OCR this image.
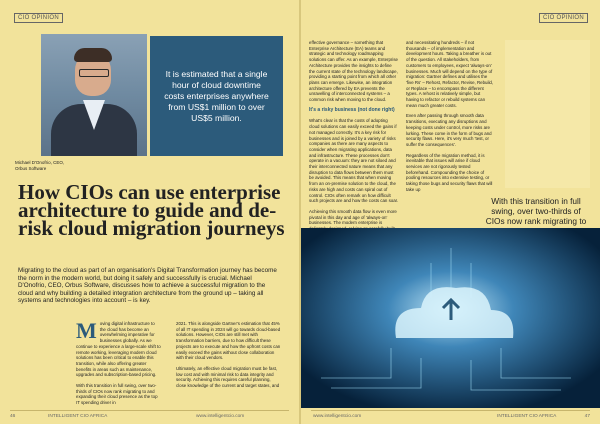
CIO OPINION
Michael D'Onofrio, CEO, Orbus Software
It is estimated that a single hour of cloud downtime costs enterprises anywhere from US$1 million to over US$5 million.
How CIOs can use enterprise architecture to guide and de-risk cloud migration journeys

Migrating to the cloud as part of an organisation's Digital Transformation journey has become the norm in the modern world, but doing it safely and successfully is crucial. Michael D'Onofrio, CEO, Orbus Software, discusses how to achieve a successful migration to the cloud and why building a detailed integration architecture from the ground up – taking all systems and technologies into account – is key.

Moving digital infrastructure to the cloud has become an overwhelming imperative for businesses globally. As we continue to experience a large-scale shift to remote working, leveraging modern cloud solutions has been critical to enable this transition, while also offering greater benefits in areas such as maintenance, upgrades and subscription-based pricing.

With this transition in full swing, over two-thirds of CIOs now rank migrating to and expanding their cloud presence as the top IT spending driver in

2021. This is alongside Gartner's estimation that 45% of all IT spending in 2024 will go towards cloud-based solutions. However, CIOs are still met with transformation barriers, due to how difficult these projects are to execute and how the upfront costs can easily exceed the gains without close collaboration with their cloud vendors.

Ultimately, an effective cloud migration must be fast, low cost and with minimal risk to data integrity and security. Achieving this requires careful planning, close knowledge of the current and target states, and

46	INTELLIGENT CIO AFRICA	www.intelligentcio.com
CIO OPINION

effective governance – something that Enterprise Architecture (EA) teams and strategic and technology roadmapping solutions can offer. As an example, Enterprise Architecture provides the insights to define the current state of the technology landscape, providing a starting point from which all other plans can emerge. Likewise, an integration architecture offered by EA prevents the unravelling of interconnected systems – a common risk when moving to the cloud.

It's a risky business (not done right)

What's clear is that the costs of adopting cloud solutions can easily exceed the gains if not managed correctly. It's a key risk for businesses and is joined by a variety of risks companies as there are many aspects to consider when migrating applications, data and infrastructure. These processes don't operate in a vacuum: they are not siloed and their interconnected nature means that any disruption to data flows between them must be avoided. This means that when moving from an on-premise solution to the cloud, the risks are high and costs can spiral out of control. CIOs often remark on how difficult such projects are and how the costs can soar.

Achieving this smooth data flow is even more pivotal in this day and age of 'always-on' businesses. The modern enterprise is

and necessitating hundreds – if not thousands – of implementation and development hours. Taking a breather is out of the question. All stakeholders, from customers to employees, expect 'always-on' businesses. Much will depend on the type of migration: Gartner defines and utilises the 'five Rs' – Rehost, Refactor, Revise, Rebuild, or Replace – to encompass the different types. A rehost is relatively simple, but having to refactor or rebuild systems can mean much greater costs.

Even after passing through smooth data transitions, executing any disruptions and keeping costs under control, more risks are lurking. These come in the form of bugs and security flaws. Here, it's very much 'test, or suffer the consequences'.

Regardless of the migration method, it is inevitable that issues will arise if cloud services are not rigorously tested beforehand. Compounding the choice of pooling resources into extensive testing, or taking those bugs and security flaws that will take up

With this transition in full swing, over two-thirds of CIOs now rank migrating to
www.intelligentcio.com	INTELLIGENT CIO AFRICA	47
